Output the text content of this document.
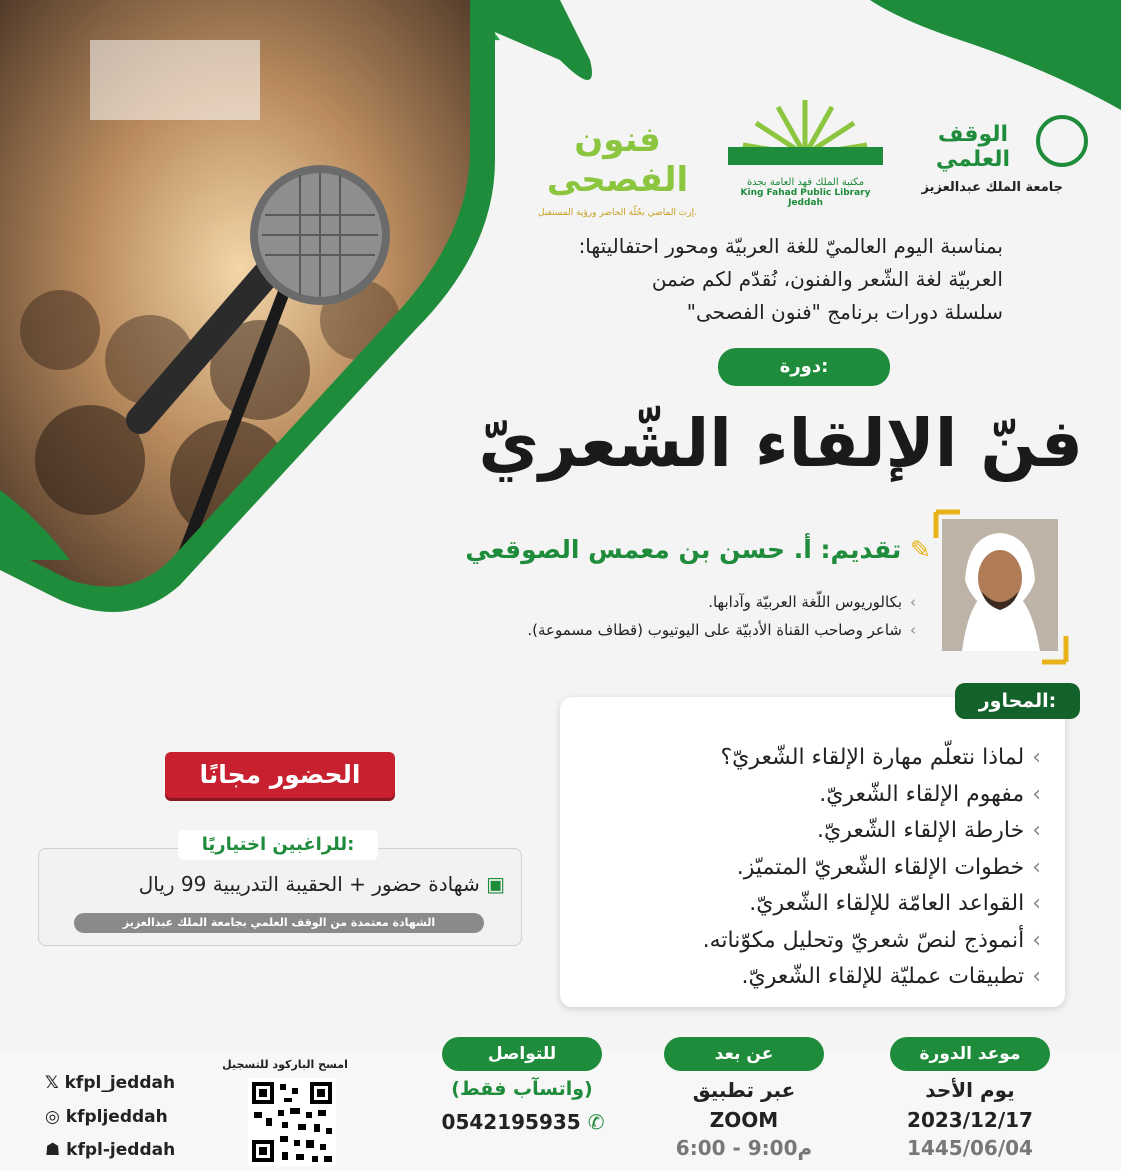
الوقف العلمي
جامعة الملك عبدالعزيز
مكتبة الملك فهد العامة بجدة
King Fahad Public Library Jeddah
فنون الفصحى
إرث الماضي بحُلّة الحاضر ورؤية المستقبل.
بمناسبة اليوم العالميّ للغة العربيّة ومحور احتفاليتها:
العربيّة لغة الشّعر والفنون، نُقدّم لكم ضمن
سلسلة دورات برنامج "فنون الفصحى"
دورة:
فنّ الإلقاء الشّعريّ
✎ تقديم: أ. حسن بن معمس الصوقعي
› بكالوريوس اللّغة العربيّة وآدابها.
› شاعر وصاحب القناة الأدبيّة على اليوتيوب (قطاف مسموعة).
المحاور:
› لماذا نتعلّم مهارة الإلقاء الشّعريّ؟
› مفهوم الإلقاء الشّعريّ.
› خارطة الإلقاء الشّعريّ.
› خطوات الإلقاء الشّعريّ المتميّز.
› القواعد العامّة للإلقاء الشّعريّ.
› أنموذج لنصّ شعريّ وتحليل مكوّناته.
› تطبيقات عمليّة للإلقاء الشّعريّ.
الحضور مجانًا
للراغبين اختياريًا:
▣ شهادة حضور + الحقيبة التدريبية 99 ريال
الشهادة معتمدة من الوقف العلمي بجامعة الملك عبدالعزيز
موعد الدورة
يوم الأحد
2023/12/17
1445/06/04
عن بعد
عبر تطبيق
ZOOM
6:00 - 9:00م
للتواصل
(واتسآب فقط)
0542195935 ✆
امسح الباركود للتسجيل
𝕏 kfpl_jeddah
◎ kfpljeddah
☗ kfpl-jeddah
